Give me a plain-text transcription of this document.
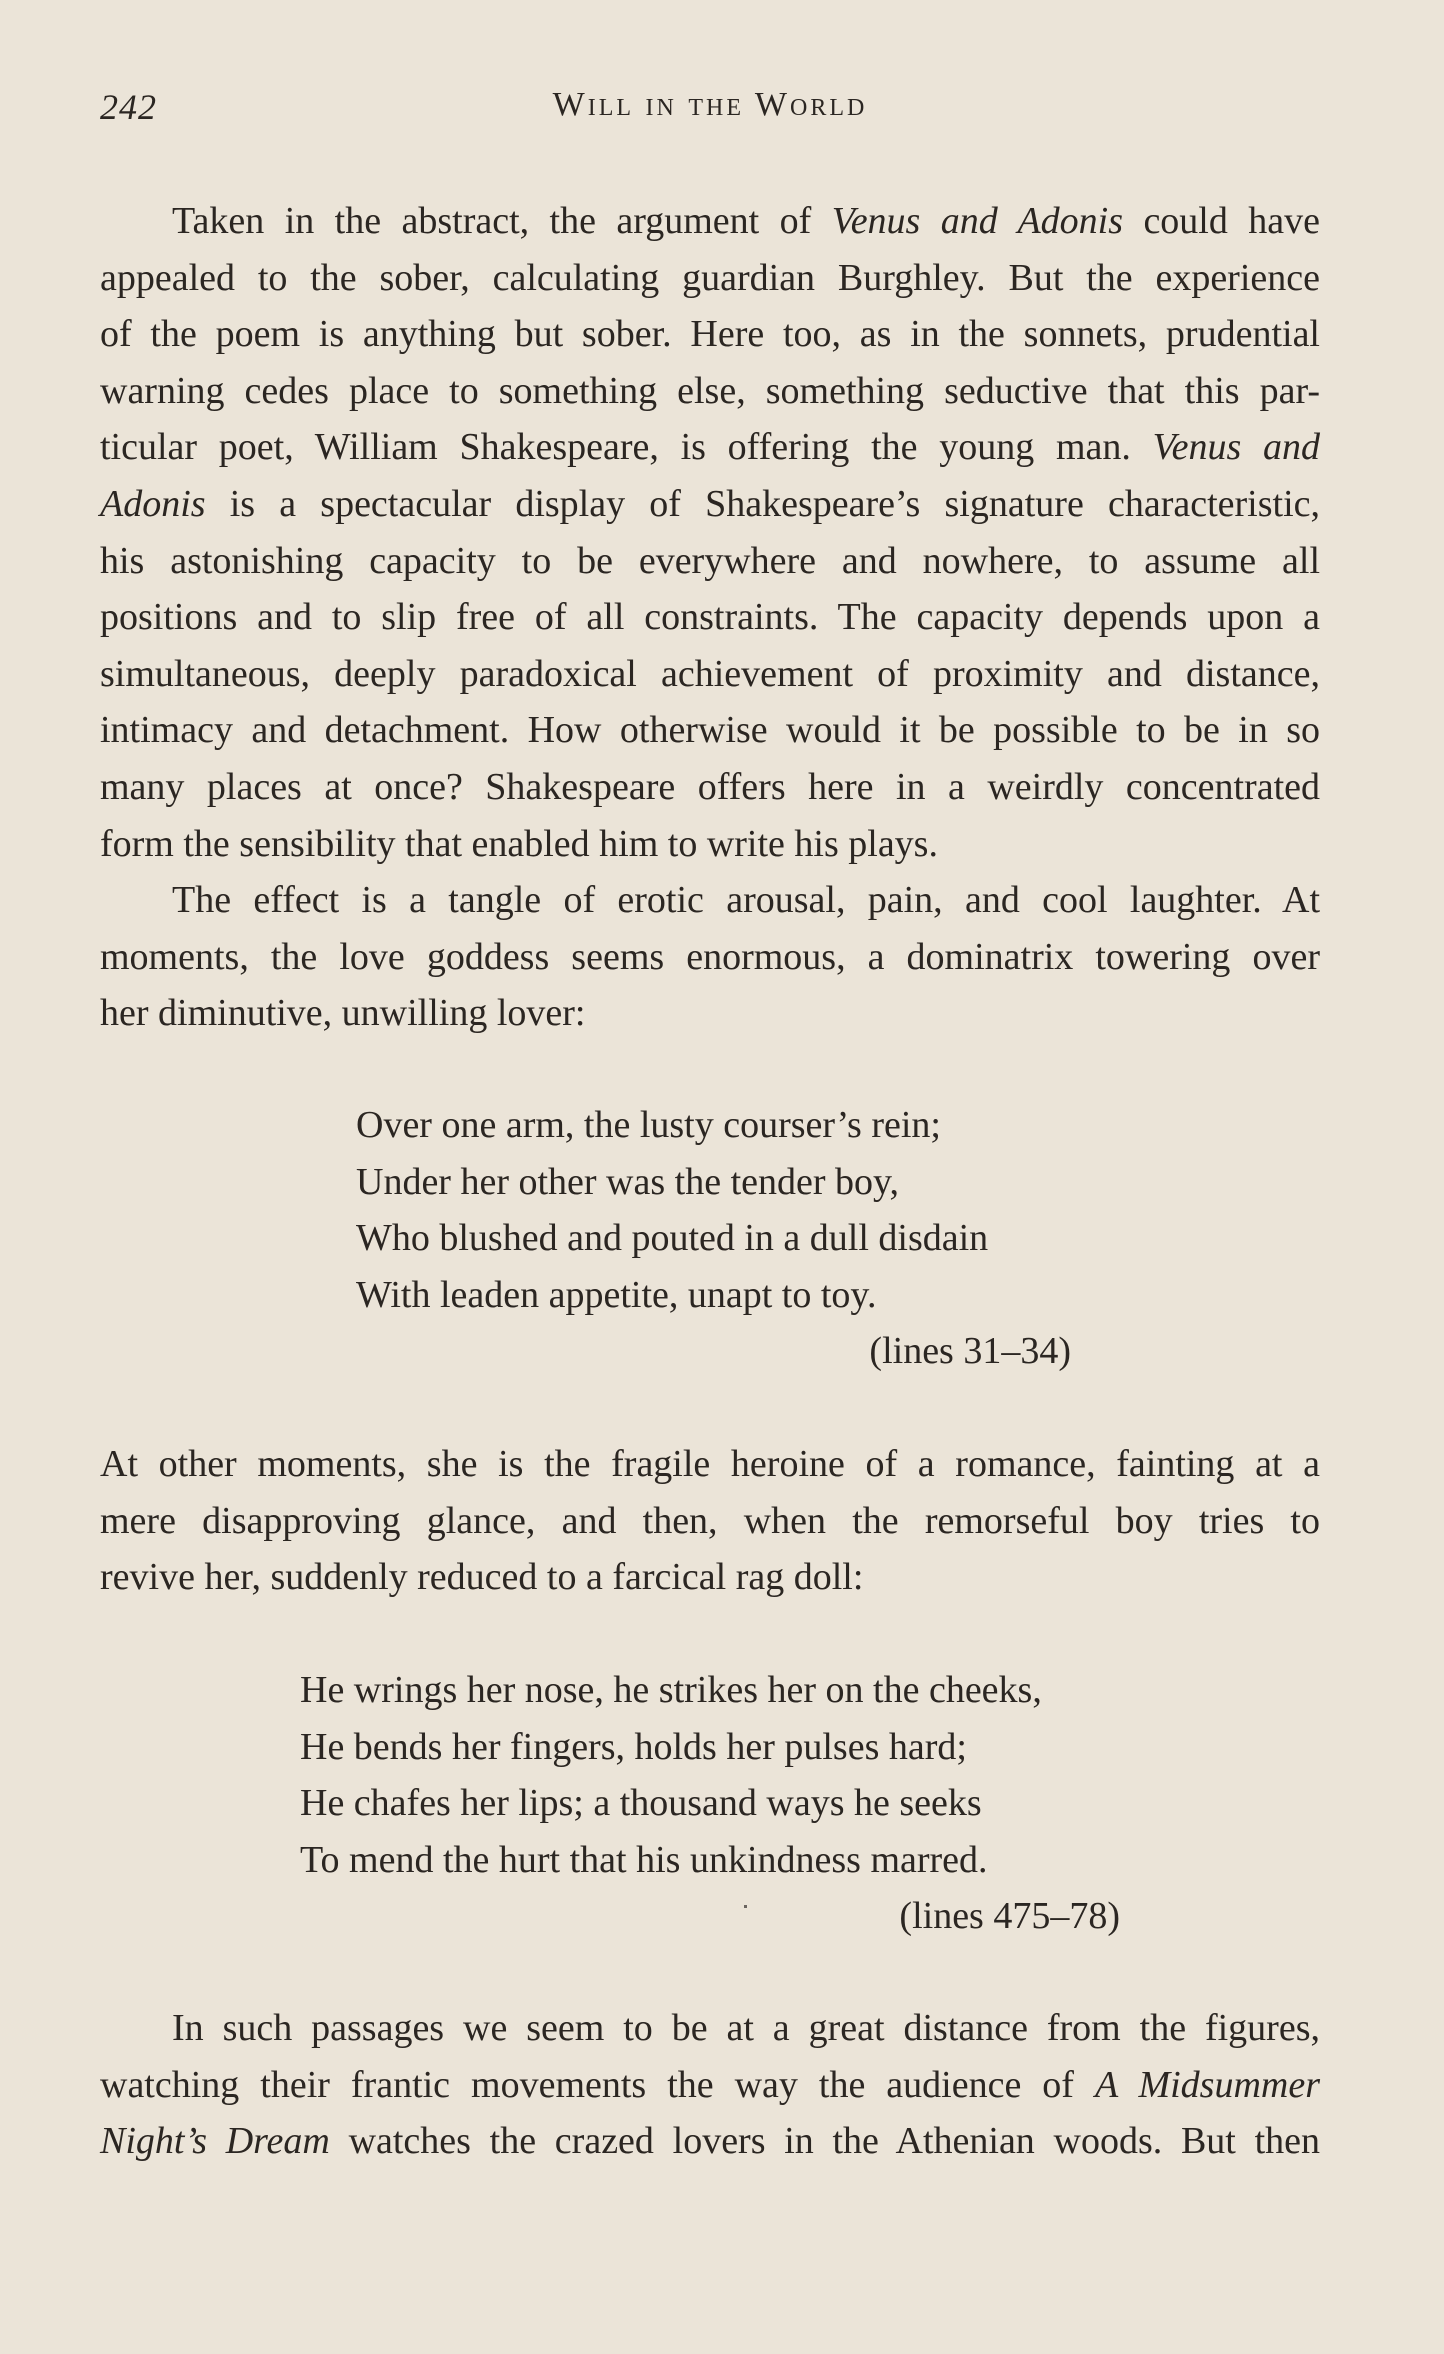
242	Will in the World
Taken in the abstract, the argument of Venus and Adonis could have
appealed to the sober, calculating guardian Burghley. But the experience
of the poem is anything but sober. Here too, as in the sonnets, prudential
warning cedes place to something else, something seductive that this par-
ticular poet, William Shakespeare, is offering the young man. Venus and
Adonis is a spectacular display of Shakespeare’s signature characteristic,
his astonishing capacity to be everywhere and nowhere, to assume all
positions and to slip free of all constraints. The capacity depends upon a
simultaneous, deeply paradoxical achievement of proximity and distance,
intimacy and detachment. How otherwise would it be possible to be in so
many places at once? Shakespeare offers here in a weirdly concentrated
form the sensibility that enabled him to write his plays.
The effect is a tangle of erotic arousal, pain, and cool laughter. At
moments, the love goddess seems enormous, a dominatrix towering over
her diminutive, unwilling lover:
Over one arm, the lusty courser’s rein;
Under her other was the tender boy,
Who blushed and pouted in a dull disdain
With leaden appetite, unapt to toy.
(lines 31–34)
At other moments, she is the fragile heroine of a romance, fainting at a
mere disapproving glance, and then, when the remorseful boy tries to
revive her, suddenly reduced to a farcical rag doll:
He wrings her nose, he strikes her on the cheeks,
He bends her fingers, holds her pulses hard;
He chafes her lips; a thousand ways he seeks
To mend the hurt that his unkindness marred.
(lines 475–78)
In such passages we seem to be at a great distance from the figures,
watching their frantic movements the way the audience of A Midsummer
Night’s Dream watches the crazed lovers in the Athenian woods. But then
